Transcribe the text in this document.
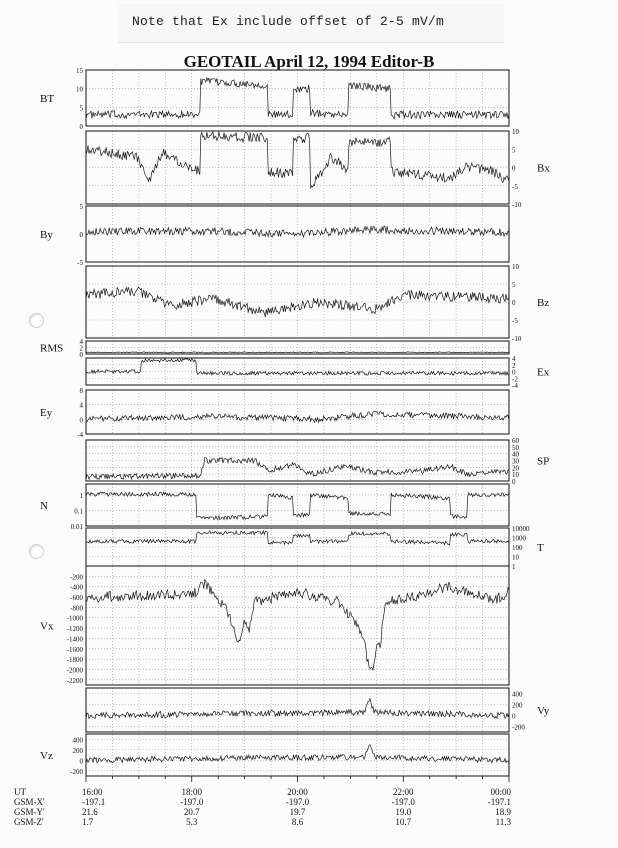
Note that Ex include offset of 2-5 mV/m
GEOTAIL April 12, 1994 Editor-B
15
10
5
0
BT
10
5
0
-5
-10
Bx
5
0
-5
By
10
5
0
-5
-10
Bz
4
2
0
RMS
4
2
0
-2
-4
Ex
8
4
0
-4
Ey
60
50
40
30
20
10
0
SP
1
0.1
0.01
N
10000
1000
100
10
1
T
-200
-400
-600
-800
-1000
-1200
-1400
-1600
-1800
-2000
-2200
Vx
400
200
0
-200
Vy
400
200
0
-200
Vz
UT	16:00	18:00	20:00	22:00	00:00
GSM-X'	-197.1	-197.0	-197.0	-197.0	-197.1
GSM-Y'	21.6	20.7	19.7	19.0	18.9
GSM-Z'	1.7	5.3	8.6	10.7	11.3
